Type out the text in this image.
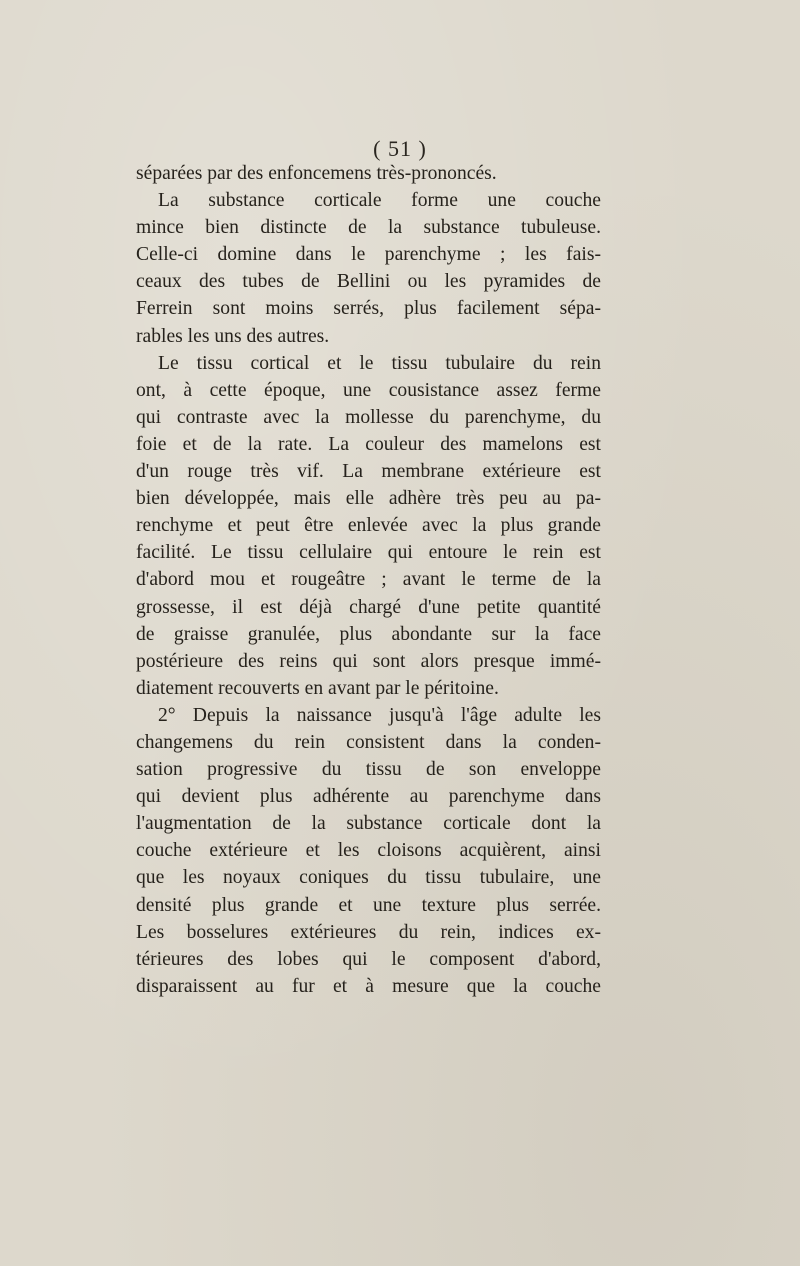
( 51 )
séparées par des enfoncemens très-prononcés.
La substance corticale forme une couche
mince bien distincte de la substance tubuleuse.
Celle-ci domine dans le parenchyme ; les fais-
ceaux des tubes de Bellini ou les pyramides de
Ferrein sont moins serrés, plus facilement sépa-
rables les uns des autres.
Le tissu cortical et le tissu tubulaire du rein
ont, à cette époque, une cousistance assez ferme
qui contraste avec la mollesse du parenchyme, du
foie et de la rate. La couleur des mamelons est
d'un rouge très vif. La membrane extérieure est
bien développée, mais elle adhère très peu au pa-
renchyme et peut être enlevée avec la plus grande
facilité. Le tissu cellulaire qui entoure le rein est
d'abord mou et rougeâtre ; avant le terme de la
grossesse, il est déjà chargé d'une petite quantité
de graisse granulée, plus abondante sur la face
postérieure des reins qui sont alors presque immé-
diatement recouverts en avant par le péritoine.
2° Depuis la naissance jusqu'à l'âge adulte les
changemens du rein consistent dans la conden-
sation progressive du tissu de son enveloppe
qui devient plus adhérente au parenchyme dans
l'augmentation de la substance corticale dont la
couche extérieure et les cloisons acquièrent, ainsi
que les noyaux coniques du tissu tubulaire, une
densité plus grande et une texture plus serrée.
Les bosselures extérieures du rein, indices ex-
térieures des lobes qui le composent d'abord,
disparaissent au fur et à mesure que la couche
